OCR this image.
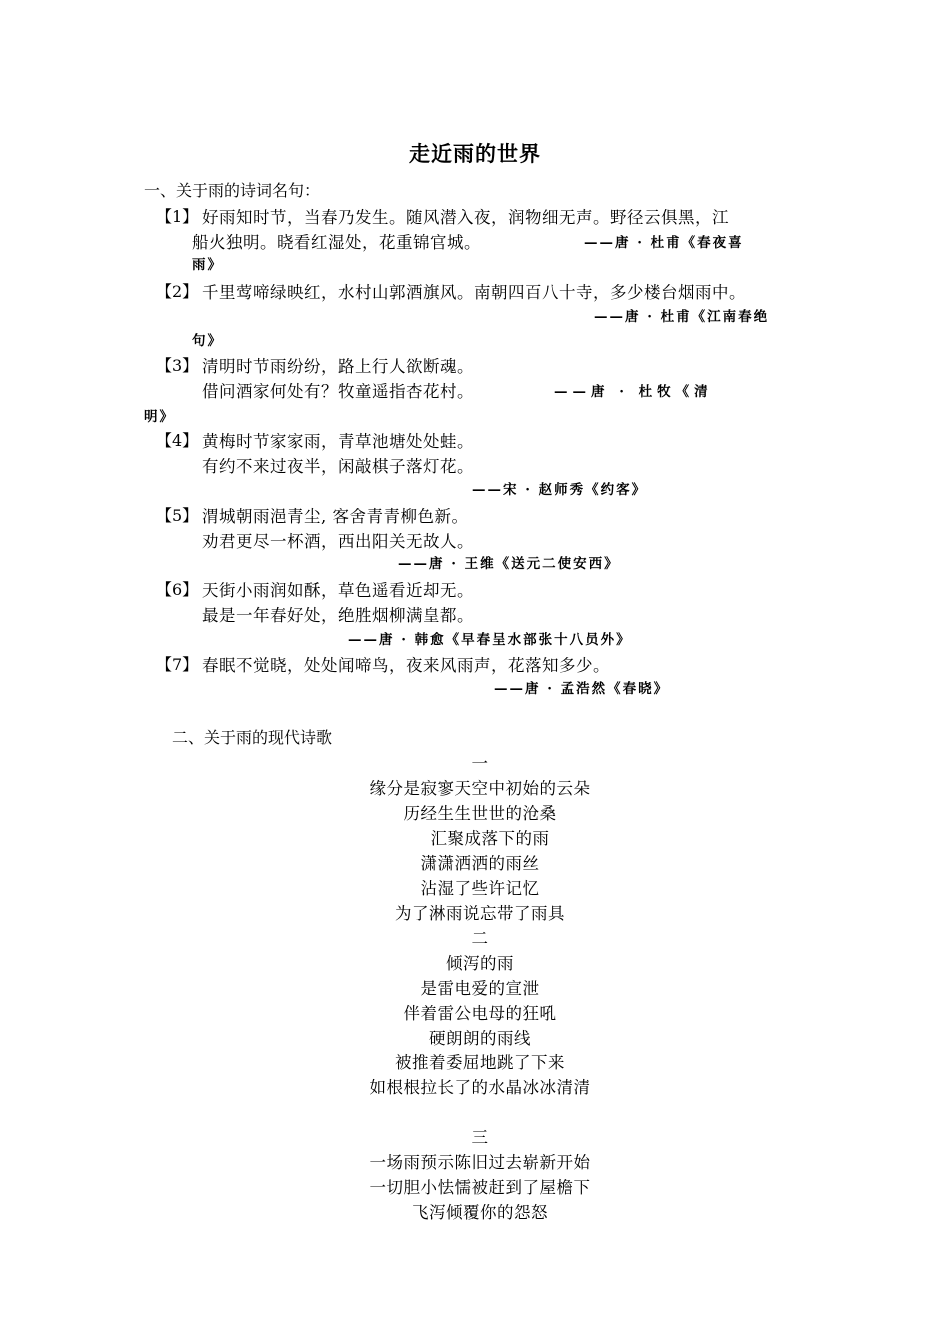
走近雨的世界
一、关于雨的诗词名句：
【1】 好雨知时节，当春乃发生。随风潜入夜，润物细无声。野径云俱黑，江
船火独明。晓看红湿处，花重锦官城。	——唐 · 杜甫《春夜喜
雨》
【2】 千里莺啼绿映红，水村山郭酒旗风。南朝四百八十寺，多少楼台烟雨中。
——唐 · 杜甫《江南春绝
句》
【3】 清明时节雨纷纷，路上行人欲断魂。
借问酒家何处有？牧童遥指杏花村。	——唐 · 杜牧《清
明》
【4】 黄梅时节家家雨，青草池塘处处蛙。
有约不来过夜半，闲敲棋子落灯花。
——宋 · 赵师秀《约客》
【5】 渭城朝雨浥青尘, 客舍青青柳色新。
劝君更尽一杯酒，西出阳关无故人。
——唐 · 王维《送元二使安西》
【6】 天街小雨润如酥，草色遥看近却无。
最是一年春好处，绝胜烟柳满皇都。
——唐 · 韩愈《早春呈水部张十八员外》
【7】 春眠不觉晓，处处闻啼鸟，夜来风雨声，花落知多少。
——唐 · 孟浩然《春晓》
二、关于雨的现代诗歌
一
缘分是寂寥天空中初始的云朵
历经生生世世的沧桑
汇聚成落下的雨
潇潇洒洒的雨丝
沾湿了些许记忆
为了淋雨说忘带了雨具
二
倾泻的雨
是雷电爱的宣泄
伴着雷公电母的狂吼
硬朗朗的雨线
被推着委屈地跳了下来
如根根拉长了的水晶冰冰清清
三
一场雨预示陈旧过去崭新开始
一切胆小怯懦被赶到了屋檐下
飞泻倾覆你的怨怒
